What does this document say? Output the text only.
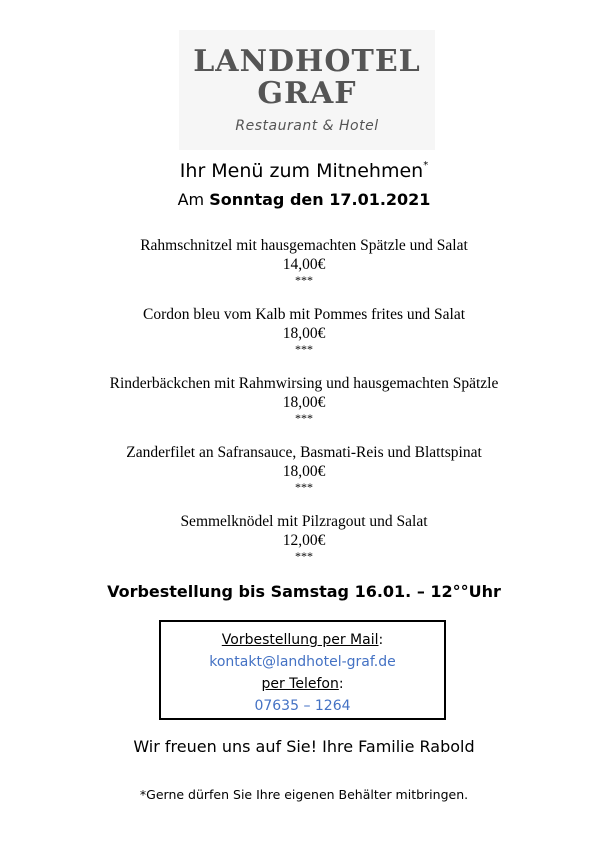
LANDHOTEL
GRAF
Restaurant & Hotel
Ihr Menü zum Mitnehmen*
Am Sonntag den 17.01.2021
Rahmschnitzel mit hausgemachten Spätzle und Salat
14,00€
***
Cordon bleu vom Kalb mit Pommes frites und Salat
18,00€
***
Rinderbäckchen mit Rahmwirsing und hausgemachten Spätzle
18,00€
***
Zanderfilet an Safransauce, Basmati-Reis und Blattspinat
18,00€
***
Semmelknödel mit Pilzragout und Salat
12,00€
***
Vorbestellung bis Samstag 16.01. – 12°°Uhr
Vorbestellung per Mail:
kontakt@landhotel-graf.de
per Telefon:
07635 – 1264
Wir freuen uns auf Sie! Ihre Familie Rabold
*Gerne dürfen Sie Ihre eigenen Behälter mitbringen.
